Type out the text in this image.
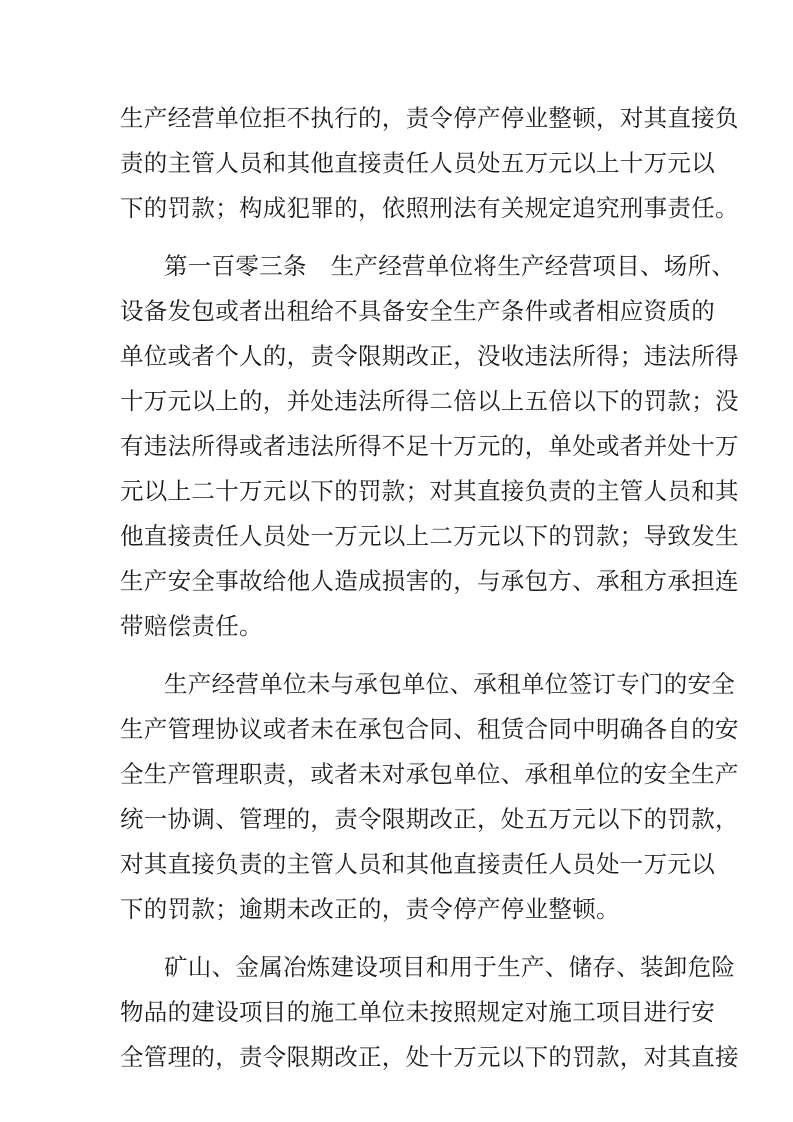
生产经营单位拒不执行的，责令停产停业整顿，对其直接负
责的主管人员和其他直接责任人员处五万元以上十万元以
下的罚款；构成犯罪的，依照刑法有关规定追究刑事责任。
第一百零三条　生产经营单位将生产经营项目、场所、
设备发包或者出租给不具备安全生产条件或者相应资质的
单位或者个人的，责令限期改正，没收违法所得；违法所得
十万元以上的，并处违法所得二倍以上五倍以下的罚款；没
有违法所得或者违法所得不足十万元的，单处或者并处十万
元以上二十万元以下的罚款；对其直接负责的主管人员和其
他直接责任人员处一万元以上二万元以下的罚款；导致发生
生产安全事故给他人造成损害的，与承包方、承租方承担连
带赔偿责任。
生产经营单位未与承包单位、承租单位签订专门的安全
生产管理协议或者未在承包合同、租赁合同中明确各自的安
全生产管理职责，或者未对承包单位、承租单位的安全生产
统一协调、管理的，责令限期改正，处五万元以下的罚款，
对其直接负责的主管人员和其他直接责任人员处一万元以
下的罚款；逾期未改正的，责令停产停业整顿。
矿山、金属冶炼建设项目和用于生产、储存、装卸危险
物品的建设项目的施工单位未按照规定对施工项目进行安
全管理的，责令限期改正，处十万元以下的罚款，对其直接
